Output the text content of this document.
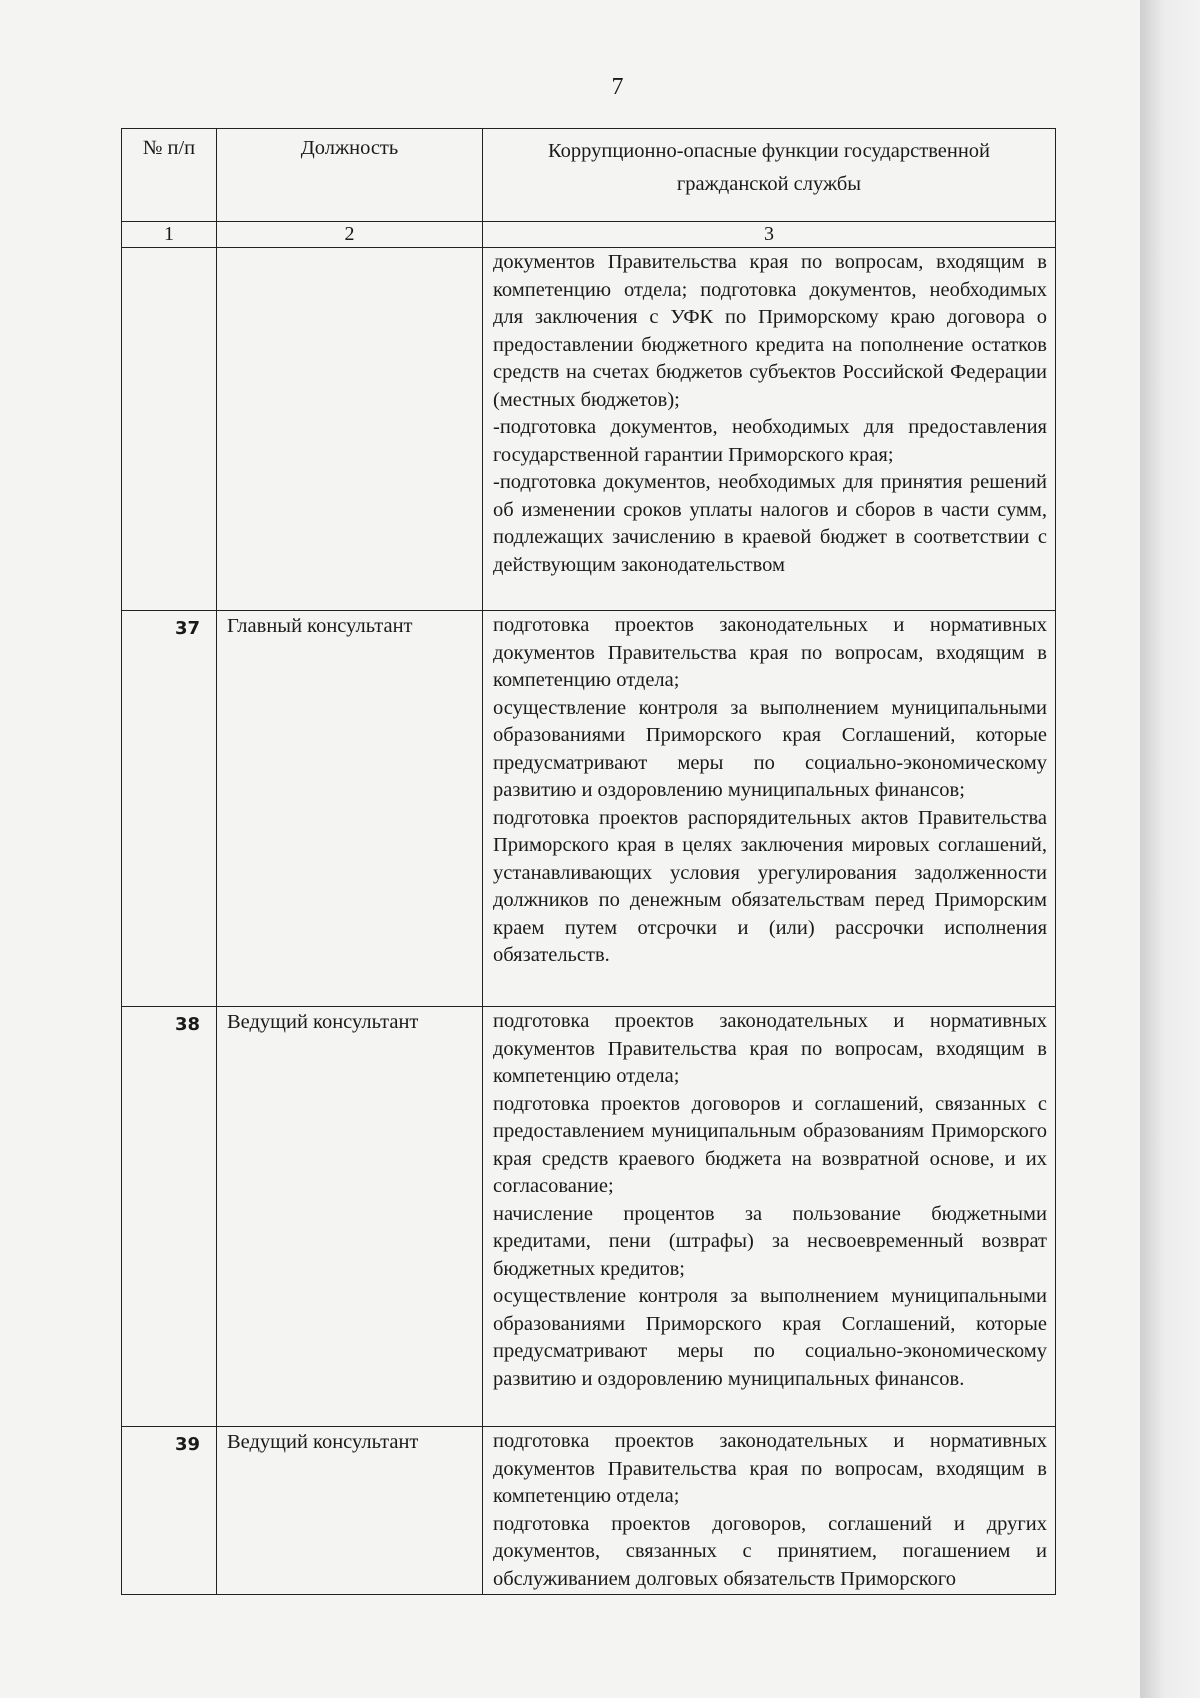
7
№ п/п	Должность	Коррупционно-опасные функции государственной гражданской службы
1	2	3

		документов Правительства края по вопросам, входящим в компетенцию отдела; подготовка документов, необходимых для заключения с УФК по Приморскому краю договора о предоставлении бюджетного кредита на пополнение остатков средств на счетах бюджетов субъектов Российской Федерации (местных бюджетов);

-подготовка документов, необходимых для предоставления государственной гарантии Приморского края;

-подготовка документов, необходимых для принятия решений об изменении сроков уплаты налогов и сборов в части сумм, подлежащих зачислению в краевой бюджет в соответствии с действующим законодательством

37	Главный консультант	подготовка проектов законодательных и нормативных документов Правительства края по вопросам, входящим в компетенцию отдела;

осуществление контроля за выполнением муниципальными образованиями Приморского края Соглашений, которые предусматривают меры по социально-экономическому развитию и оздоровлению муниципальных финансов;

подготовка проектов распорядительных актов Правительства Приморского края в целях заключения мировых соглашений, устанавливающих условия урегулирования задолженности должников по денежным обязательствам перед Приморским краем путем отсрочки и (или) рассрочки исполнения обязательств.

38	Ведущий консультант	подготовка проектов законодательных и нормативных документов Правительства края по вопросам, входящим в компетенцию отдела;

подготовка проектов договоров и соглашений, связанных с предоставлением муниципальным образованиям Приморского края средств краевого бюджета на возвратной основе, и их согласование;

начисление процентов за пользование бюджетными кредитами, пени (штрафы) за несвоевременный возврат бюджетных кредитов;

осуществление контроля за выполнением муниципальными образованиями Приморского края Соглашений, которые предусматривают меры по социально-экономическому развитию и оздоровлению муниципальных финансов.

39	Ведущий консультант	подготовка проектов законодательных и нормативных документов Правительства края по вопросам, входящим в компетенцию отдела;

подготовка проектов договоров, соглашений и других документов, связанных с принятием, погашением и обслуживанием долговых обязательств Приморского
